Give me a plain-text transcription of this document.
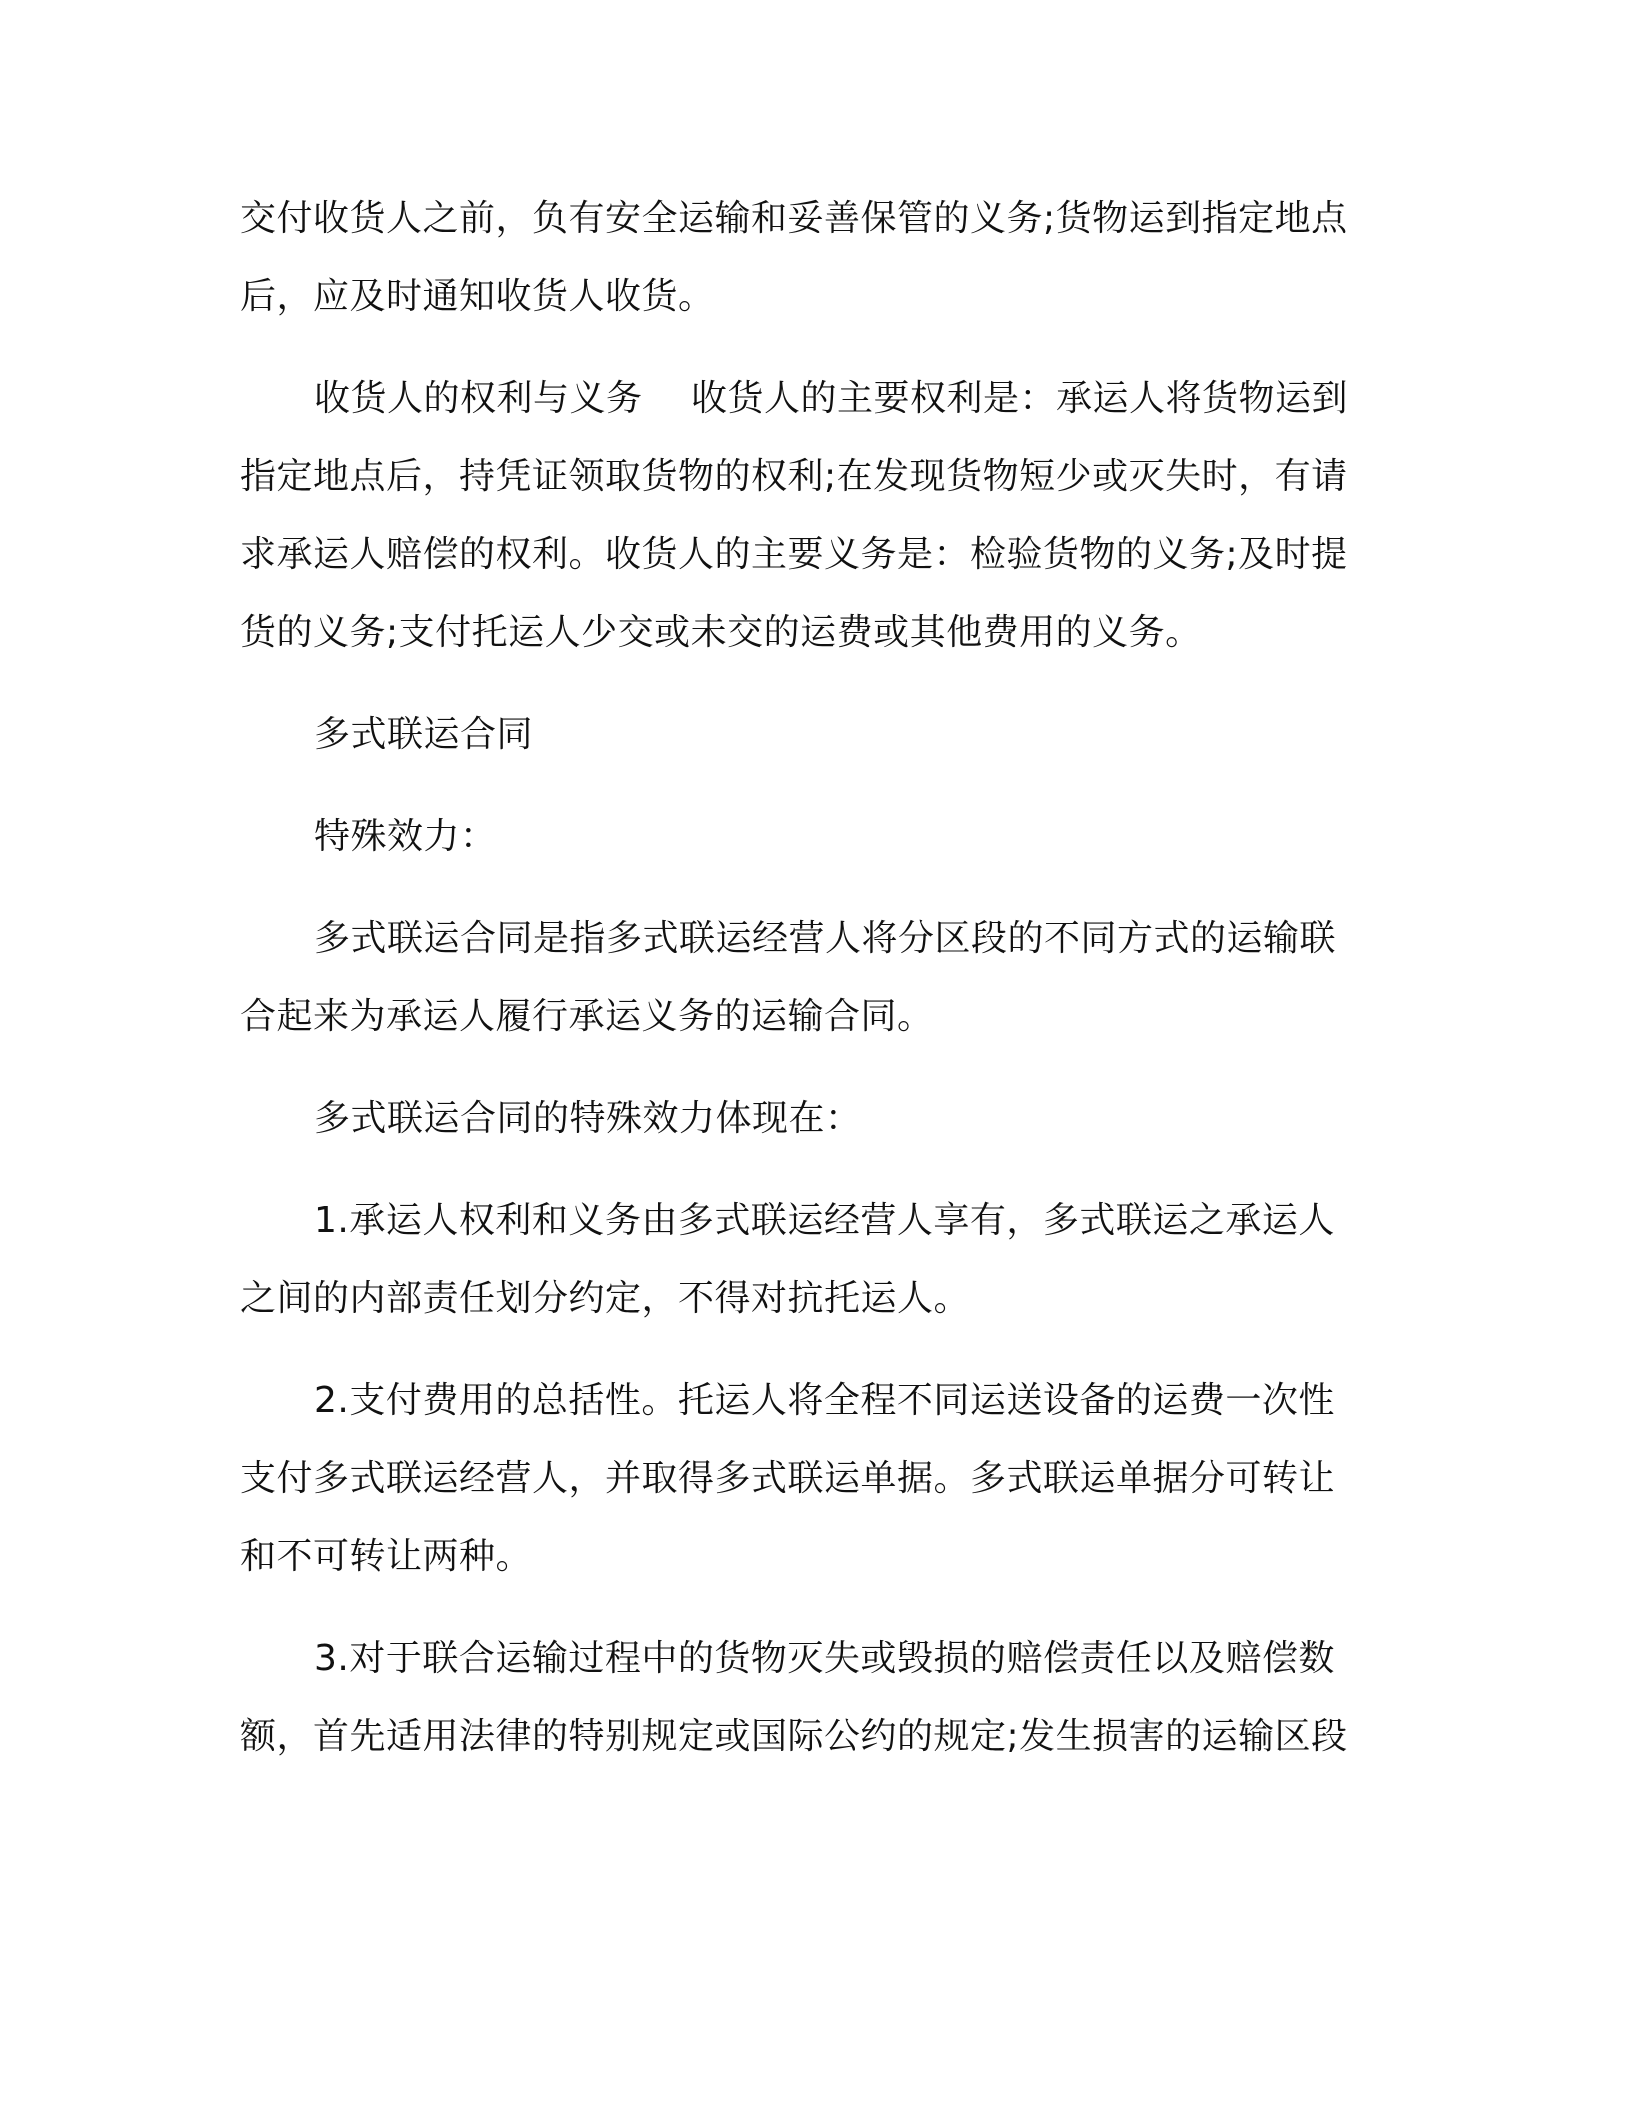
交付收货人之前，负有安全运输和妥善保管的义务;货物运到指定地点后，应及时通知收货人收货。

收货人的权利与义务　 收货人的主要权利是：承运人将货物运到指定地点后，持凭证领取货物的权利;在发现货物短少或灭失时，有请求承运人赔偿的权利。收货人的主要义务是：检验货物的义务;及时提货的义务;支付托运人少交或未交的运费或其他费用的义务。

多式联运合同

特殊效力：

多式联运合同是指多式联运经营人将分区段的不同方式的运输联合起来为承运人履行承运义务的运输合同。

多式联运合同的特殊效力体现在：

1.承运人权利和义务由多式联运经营人享有，多式联运之承运人之间的内部责任划分约定，不得对抗托运人。

2.支付费用的总括性。托运人将全程不同运送设备的运费一次性支付多式联运经营人，并取得多式联运单据。多式联运单据分可转让和不可转让两种。

3.对于联合运输过程中的货物灭失或毁损的赔偿责任以及赔偿数额，首先适用法律的特别规定或国际公约的规定;发生损害的运输区段
